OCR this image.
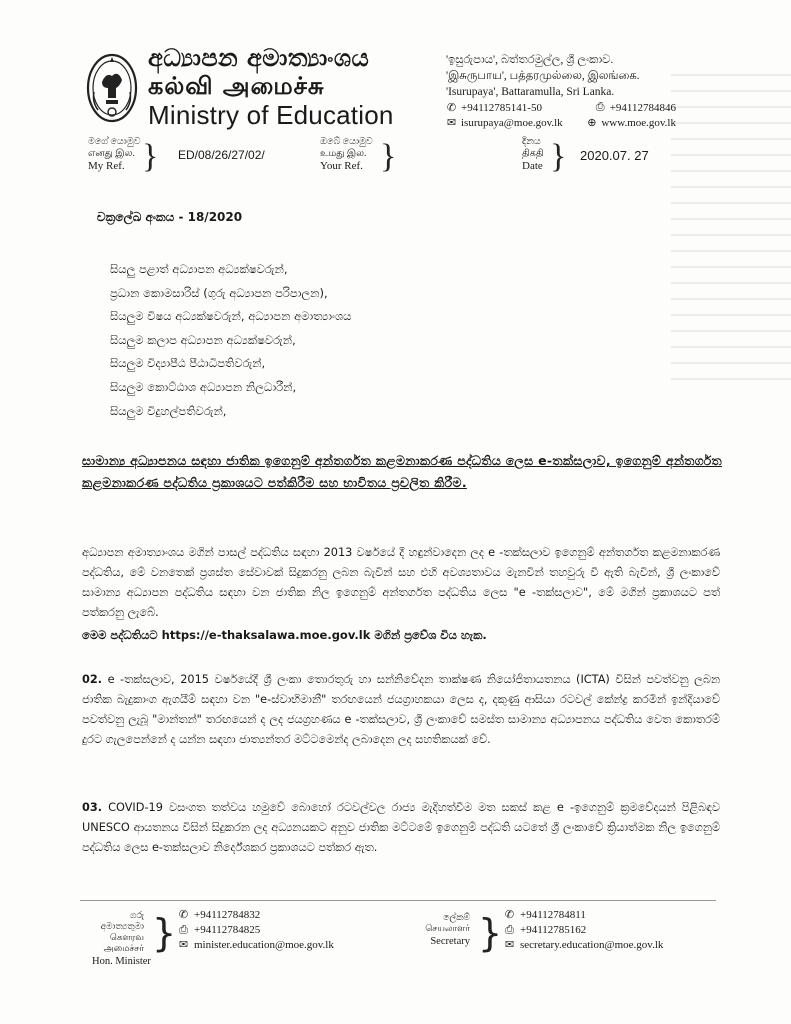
අධ්‍යාපන අමාත්‍යාංශය
கல்வி அமைச்சு
Ministry of Education
'ඉසුරුපාය', බත්තරමුල්ල, ශ්‍රී ලංකාව.
'இசுருபாய', பத்தரமுல்லை, இலங்கை.
'Isurupaya', Battaramulla, Sri Lanka.
✆ +94112785141-50	⎙ +94112784846
✉ isurupaya@moe.gov.lk ⊕ www.moe.gov.lk
මගේ යොමුව
எனது இல.
My Ref. } ED/08/26/27/02/
ඔබේ යොමුව
உமது இல.
Your Ref. }	දිනය
திகதி
Date } 2020.07. 27
චක්‍රලේඛ අංකය - 18/2020
සියලු පළාත් අධ්‍යාපන අධ්‍යක්ෂවරුන්,
ප්‍රධාන කොමසාරිස් (ගුරු අධ්‍යාපන පරිපාලන),
සියලුම විෂය අධ්‍යක්ෂවරුන්, අධ්‍යාපන අමාත්‍යාංශය
සියලුම කලාප අධ්‍යාපන අධ්‍යක්ෂවරුන්,
සියලුම විද්‍යාපීඨ පීඨාධිපතිවරුන්,
සියලුම කොට්ඨාශ අධ්‍යාපන නිලධාරීන්,
සියලුම විදුහල්පතිවරුන්,
සාමාන්‍ය අධ්‍යාපනය සඳහා ජාතික ඉගෙනුම් අන්තර්ගත කළමනාකරණ පද්ධතිය ලෙස e-තක්සලාව, ඉගෙනුම් අන්තර්ගත කළමනාකරණ පද්ධතිය ප්‍රකාශයට පත්කිරීම සහ භාවිතය ප්‍රචලිත කිරීම.
අධ්‍යාපන අමාත්‍යාංශය මගින් පාසල් පද්ධතිය සඳහා 2013 වර්ෂයේ දී හඳුන්වාදෙන ලද e -තක්සලාව ඉගෙනුම් අන්තර්ගත කළමනාකරණ පද්ධතිය, මේ වනතෙක් ප්‍රශස්ත සේවාවක් සිදුකරනු ලබන බැවින් සහ එහි අවශ්‍යතාවය මැනවින් තහවුරු වී ඇති බැවින්, ශ්‍රී ලංකාවේ සාමාන්‍ය අධ්‍යාපන පද්ධතිය සඳහා වන ජාතික නිල ඉගෙනුම් අන්තර්ගත පද්ධතිය ලෙස "e -තක්සලාව", මේ මගින් ප්‍රකාශයට පත් පත්කරනු ලැබේ.
මෙම පද්ධතියට https://e-thaksalawa.moe.gov.lk මගින් ප්‍රවේශ විය හැක.
02. e -තක්සලාව, 2015 වර්ෂයේදී ශ්‍රී ලංකා තොරතුරු හා සන්නිවේදන තාක්ෂණ නියෝජිතායතනය (ICTA) විසින් පවත්වනු ලබන ජාතික බැදුකාංග ඇගයීම් සඳහා වන "e-ස්වාභිමානී" තරඟයෙන් ජයග්‍රාහකයා ලෙස ද, දකුණු ආසියා රටවල් කේන්ද්‍ර කරමින් ඉන්දියාවේ පවත්වනු ලැබූ "මාන්තන්" තරඟයෙන් ද ලද ජයග්‍රහණය e -තක්සලාව, ශ්‍රී ලංකාවේ සමස්ත සාමාන්‍ය අධ්‍යාපනය පද්ධතිය වෙත කොතරම් දුරට ගැලපෙන්නේ ද යන්න සඳහා ජාත්‍යන්තර මට්ටමෙන්ද ලබාදෙන ලද සහතිකයක් වේ.
03. COVID-19 වසංගත තත්වය හමුවේ බොහෝ රටවල්වල රාජ්‍ය මැදිහත්වීම මත සකස් කළ e -ඉගෙනුම් ක්‍රමවේදයන් පිළිබඳව UNESCO ආයතනය විසින් සිදුකරන ලද අධ්‍යනයකට අනුව ජාතික මට්ටමේ ඉගෙනුම් පද්ධති යටතේ ශ්‍රී ලංකාවේ ක්‍රියාත්මක නිල ඉගෙනුම් පද්ධතිය ලෙස e-තක්සලාව නිර්දේශකර ප්‍රකාශයට පත්කර ඇත.
ගරු අමාත්‍යතුමා
கௌரவ அமைச்சர்
Hon. Minister
} ✆ +94112784832
⎙ +94112784825
✉ minister.education@moe.gov.lk
ලේකම්
செயலாளர்
Secretary } ✆ +94112784811
⎙ +94112785162
✉ secretary.education@moe.gov.lk
